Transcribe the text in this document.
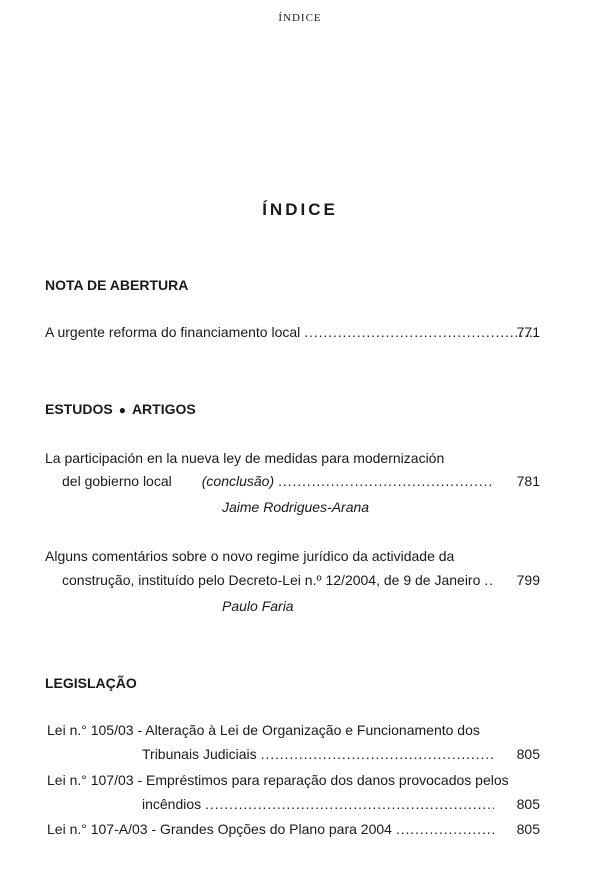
ÍNDICE
ÍNDICE
NOTA DE ABERTURA
A urgente reforma do financiamento local . . .	771
ESTUDOS ● ARTIGOS
La participación en la nueva ley de medidas para modernización
del gobierno local (conclusão) . . .	781
Jaime Rodrigues-Arana
Alguns comentários sobre o novo regime jurídico da actividade da
construção, instituído pelo Decreto-Lei n.º 12/2004, de 9 de Janeiro . . .	799
Paulo Faria
LEGISLAÇÃO
Lei n.° 105/03 - Alteração à Lei de Organização e Funcionamento dos
Tribunais Judiciais . . .	805
Lei n.° 107/03 - Empréstimos para reparação dos danos provocados pelos
incêndios . . .	805
Lei n.° 107-A/03 - Grandes Opções do Plano para 2004 . . .	805
